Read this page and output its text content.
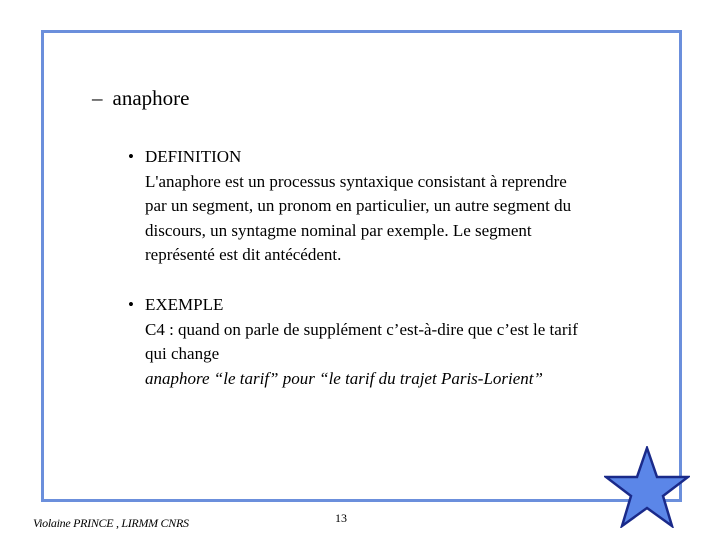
– anaphore
• DEFINITION
L'anaphore est un processus syntaxique consistant à reprendre
par un segment, un pronom en particulier, un autre segment du
discours, un syntagme nominal par exemple. Le segment
représenté est dit antécédent.
• EXEMPLE
C4 : quand on parle de supplément c’est-à-dire que c’est le tarif
qui change
anaphore “le tarif” pour “le tarif du trajet Paris-Lorient”
Violaine PRINCE , LIRMM CNRS	13
